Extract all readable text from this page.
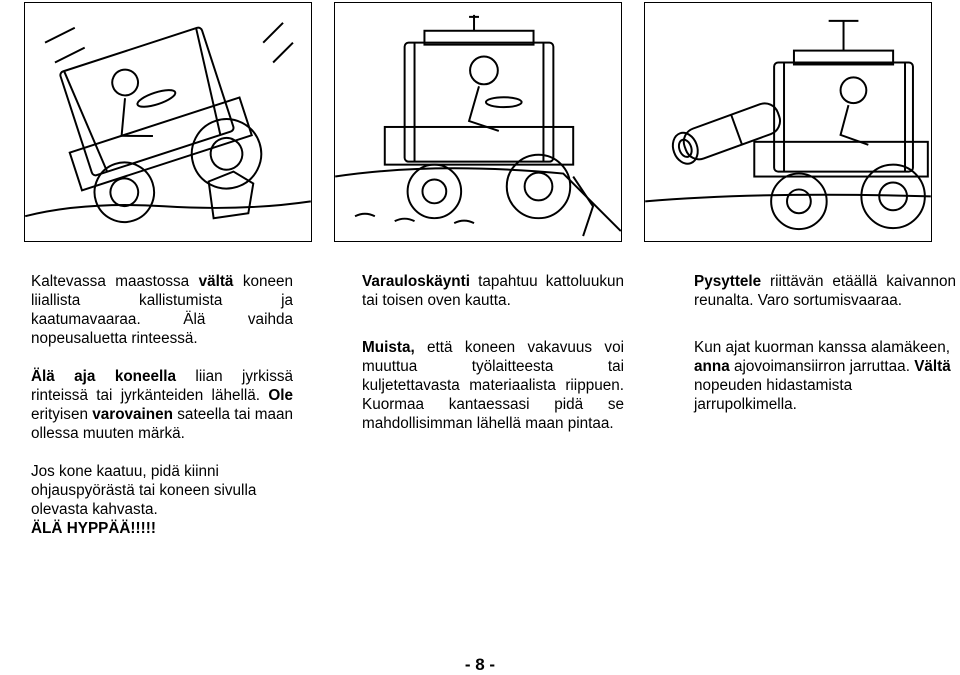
Kaltevassa maastossa vältä koneen liiallista kallistumista ja kaatumavaaraa. Älä vaihda nopeusaluetta rinteessä.

Älä aja koneella liian jyrkissä rinteissä tai jyrkänteiden lähellä. Ole erityisen varovainen sateella tai maan ollessa muuten märkä.

Jos kone kaatuu, pidä kiinni ohjauspyörästä tai koneen sivulla olevasta kahvasta.
ÄLÄ HYPPÄÄ!!!!!

Varauloskäynti tapahtuu kattoluukun tai toisen oven kautta.

Muista, että koneen vakavuus voi muuttua työlaitteesta tai kuljetettavasta materiaalista riippuen. Kuormaa kantaessasi pidä se mahdollisimman lähellä maan pintaa.

Pysyttele riittävän etäällä kaivannon reunalta. Varo sortumisvaaraa.

Kun ajat kuorman kanssa alamäkeen, anna ajovoimansiirron jarruttaa. Vältä nopeuden hidastamista jarrupolkimella.

- 8 -
